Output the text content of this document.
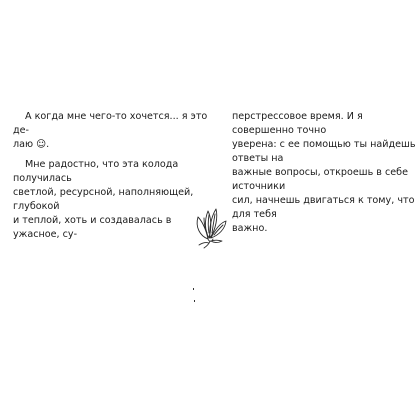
А когда мне чего-то хочется... я это де-
лаю ☺.

Мне радостно, что эта колода получилась
светлой, ресурсной, наполняющей, глубокой
и теплой, хоть и создавалась в ужасное, су-

перстрессовое время. И я совершенно точно
уверена: с ее помощью ты найдешь ответы на
важные вопросы, откроешь в себе источники
сил, начнешь двигаться к тому, что для тебя
важно.
